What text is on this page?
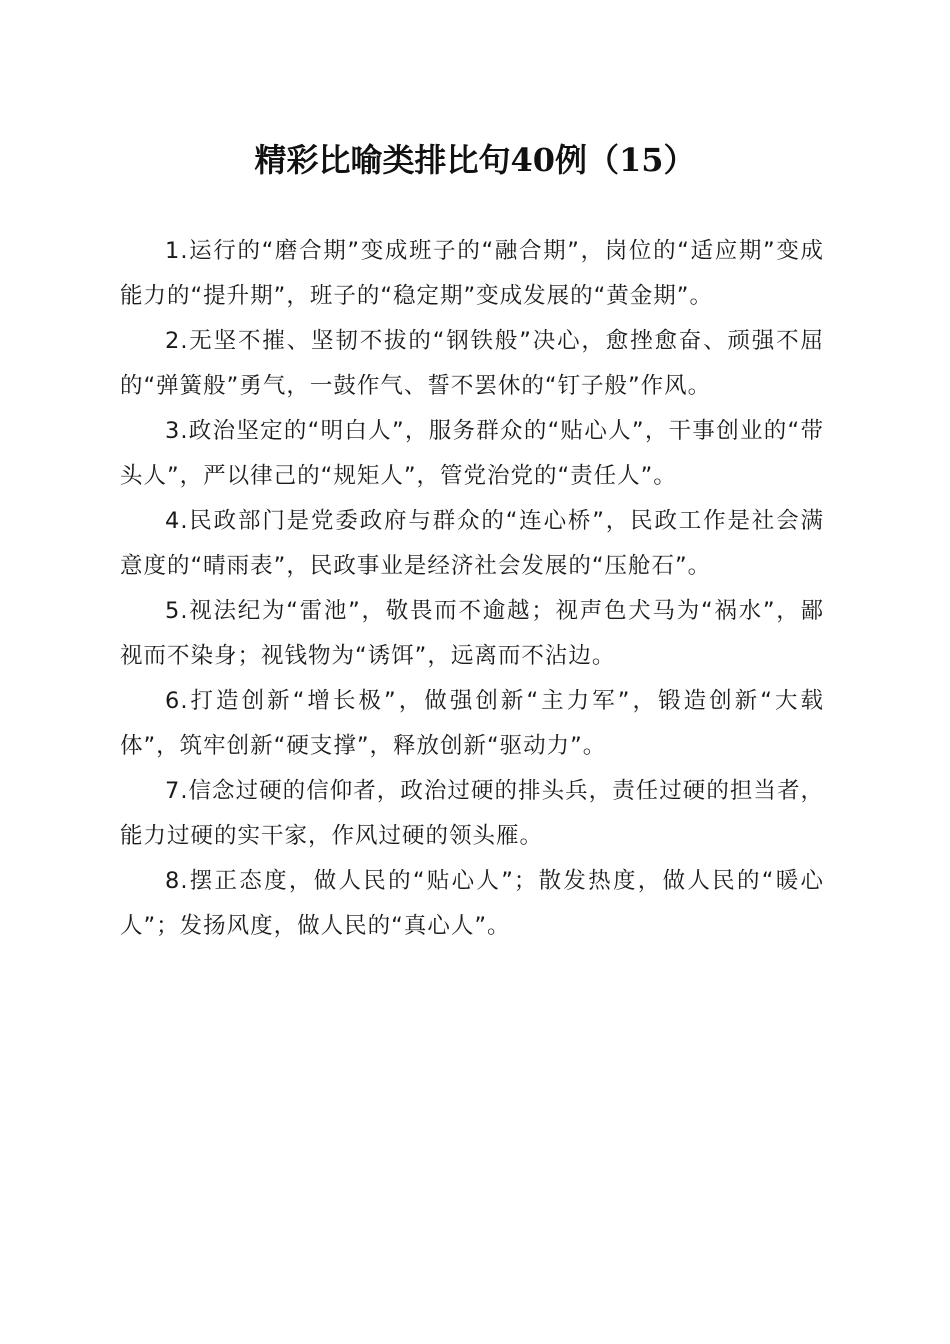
精彩比喻类排比句40例（15）

1.运行的“磨合期”变成班子的“融合期”，岗位的“适应期”变成能力的“提升期”，班子的“稳定期”变成发展的“黄金期”。

2.无坚不摧、坚韧不拔的“钢铁般”决心，愈挫愈奋、顽强不屈的“弹簧般”勇气，一鼓作气、誓不罢休的“钉子般”作风。

3.政治坚定的“明白人”，服务群众的“贴心人”，干事创业的“带头人”，严以律己的“规矩人”，管党治党的“责任人”。

4.民政部门是党委政府与群众的“连心桥”，民政工作是社会满意度的“晴雨表”，民政事业是经济社会发展的“压舱石”。

5.视法纪为“雷池”，敬畏而不逾越；视声色犬马为“祸水”，鄙视而不染身；视钱物为“诱饵”，远离而不沾边。

6.打造创新“增长极”，做强创新“主力军”，锻造创新“大载体”，筑牢创新“硬支撑”，释放创新“驱动力”。

7.信念过硬的信仰者，政治过硬的排头兵，责任过硬的担当者，能力过硬的实干家，作风过硬的领头雁。

8.摆正态度，做人民的“贴心人”；散发热度，做人民的“暖心人”；发扬风度，做人民的“真心人”。
